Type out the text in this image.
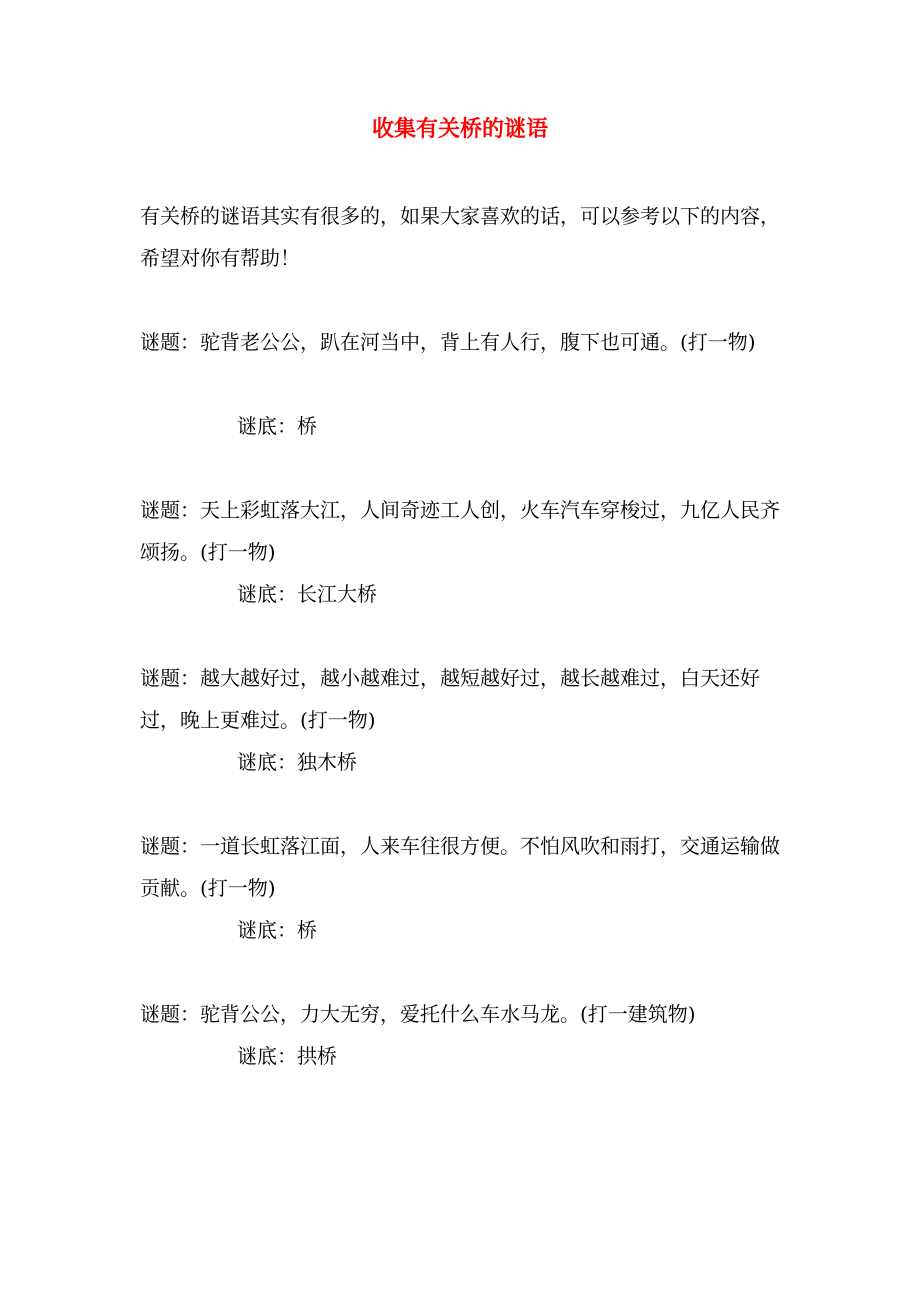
收集有关桥的谜语

有关桥的谜语其实有很多的，如果大家喜欢的话，可以参考以下的内容，希望对你有帮助！

谜题：驼背老公公，趴在河当中，背上有人行，腹下也可通。(打一物)

谜底：桥

谜题：天上彩虹落大江，人间奇迹工人创，火车汽车穿梭过，九亿人民齐颂扬。(打一物)

谜底：长江大桥

谜题：越大越好过，越小越难过，越短越好过，越长越难过，白天还好过，晚上更难过。(打一物)

谜底：独木桥

谜题：一道长虹落江面，人来车往很方便。不怕风吹和雨打，交通运输做贡献。(打一物)

谜底：桥

谜题：驼背公公，力大无穷，爱托什么车水马龙。(打一建筑物)

谜底：拱桥
